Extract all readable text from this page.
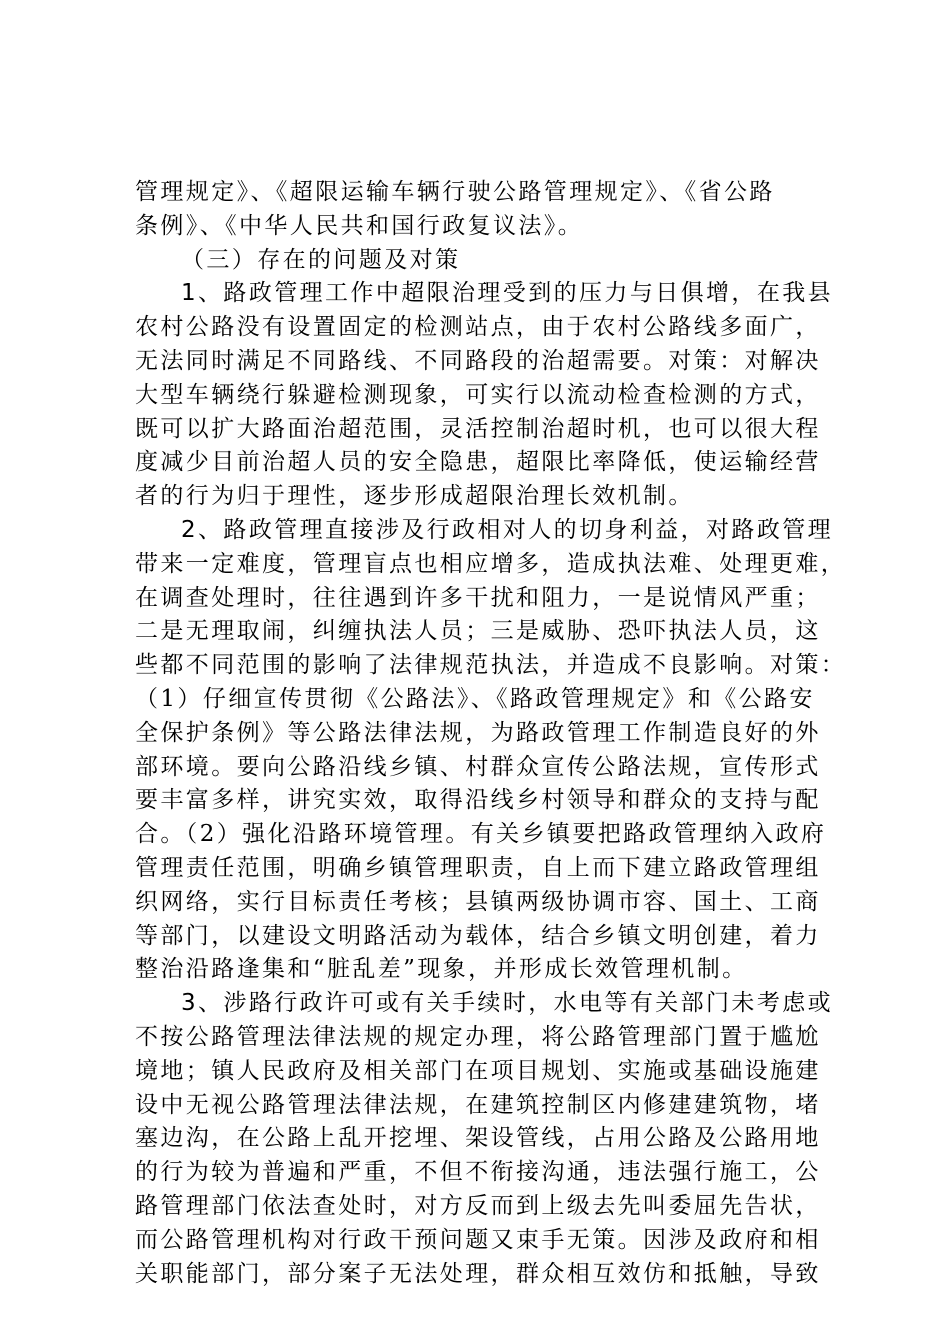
管理规定》、《超限运输车辆行驶公路管理规定》、《省公路
条例》、《中华人民共和国行政复议法》。
（三）存在的问题及对策
1、路政管理工作中超限治理受到的压力与日俱增，在我县
农村公路没有设置固定的检测站点，由于农村公路线多面广，
无法同时满足不同路线、不同路段的治超需要。对策：对解决
大型车辆绕行躲避检测现象，可实行以流动检查检测的方式，
既可以扩大路面治超范围，灵活控制治超时机，也可以很大程
度减少目前治超人员的安全隐患，超限比率降低，使运输经营
者的行为归于理性，逐步形成超限治理长效机制。
2、路政管理直接涉及行政相对人的切身利益，对路政管理
带来一定难度，管理盲点也相应增多，造成执法难、处理更难，
在调查处理时，往往遇到许多干扰和阻力，一是说情风严重；
二是无理取闹，纠缠执法人员；三是威胁、恐吓执法人员，这
些都不同范围的影响了法律规范执法，并造成不良影响。对策：
（1）仔细宣传贯彻《公路法》、《路政管理规定》和《公路安
全保护条例》等公路法律法规，为路政管理工作制造良好的外
部环境。要向公路沿线乡镇、村群众宣传公路法规，宣传形式
要丰富多样，讲究实效，取得沿线乡村领导和群众的支持与配
合。（2）强化沿路环境管理。有关乡镇要把路政管理纳入政府
管理责任范围，明确乡镇管理职责，自上而下建立路政管理组
织网络，实行目标责任考核；县镇两级协调市容、国土、工商
等部门，以建设文明路活动为载体，结合乡镇文明创建，着力
整治沿路逢集和“脏乱差”现象，并形成长效管理机制。
3、涉路行政许可或有关手续时，水电等有关部门未考虑或
不按公路管理法律法规的规定办理，将公路管理部门置于尴尬
境地；镇人民政府及相关部门在项目规划、实施或基础设施建
设中无视公路管理法律法规，在建筑控制区内修建建筑物，堵
塞边沟，在公路上乱开挖埋、架设管线，占用公路及公路用地
的行为较为普遍和严重，不但不衔接沟通，违法强行施工，公
路管理部门依法查处时，对方反而到上级去先叫委屈先告状，
而公路管理机构对行政干预问题又束手无策。因涉及政府和相
关职能部门，部分案子无法处理，群众相互效仿和抵触，导致
